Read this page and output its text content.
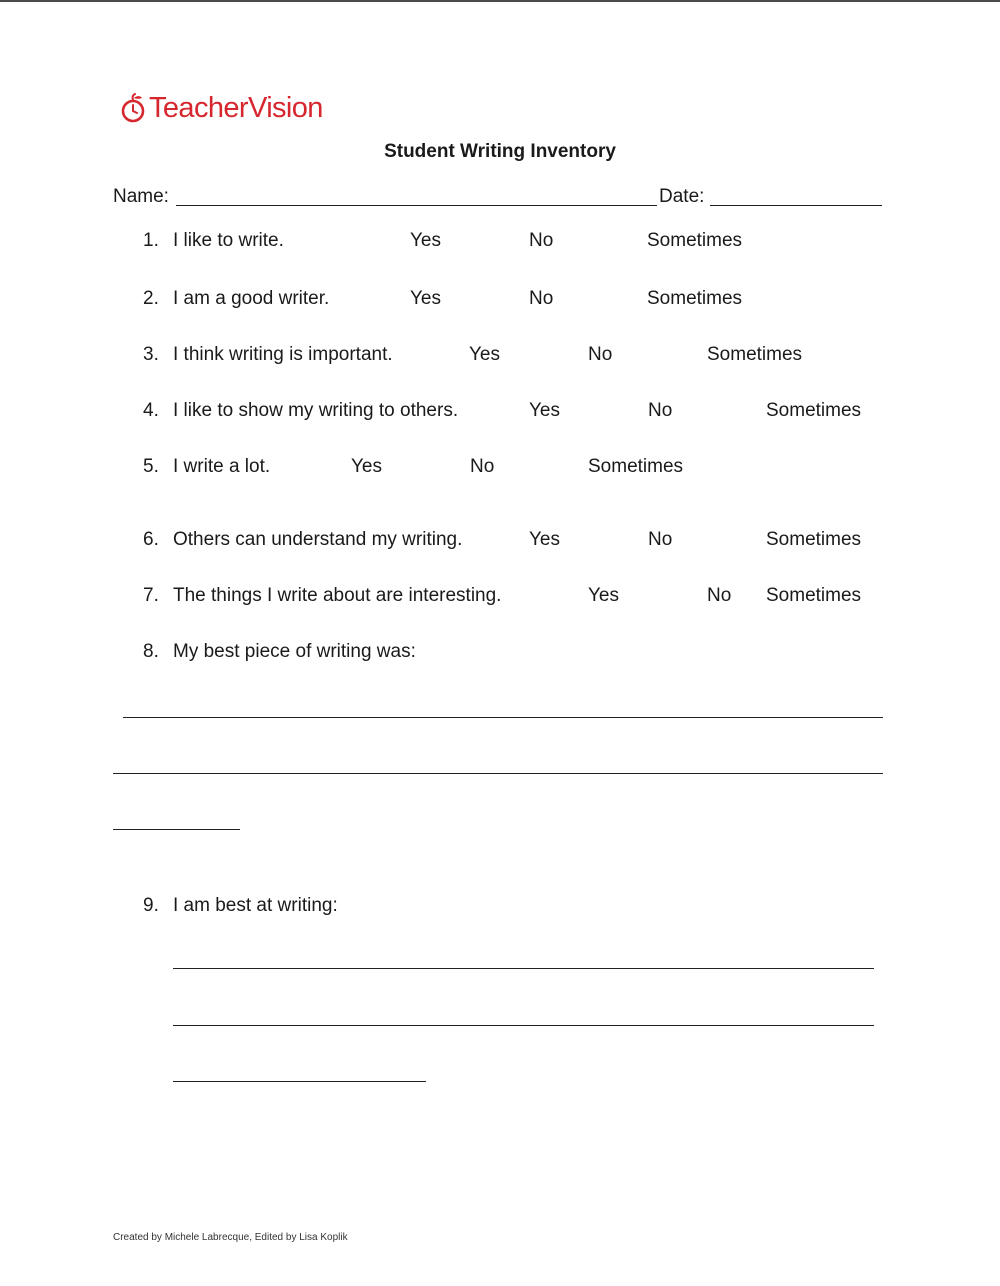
TeacherVision
Student Writing Inventory
Name:	Date:
1. I like to write.	Yes	No	Sometimes
2. I am a good writer.	Yes	No	Sometimes
3. I think writing is important.	Yes	No	Sometimes
4. I like to show my writing to others.	Yes	No	Sometimes
5. I write a lot.	Yes	No	Sometimes
6. Others can understand my writing.	Yes	No	Sometimes
7. The things I write about are interesting.	Yes	No Sometimes
8. My best piece of writing was:
9. I am best at writing:
Created by Michele Labrecque, Edited by Lisa Koplik
